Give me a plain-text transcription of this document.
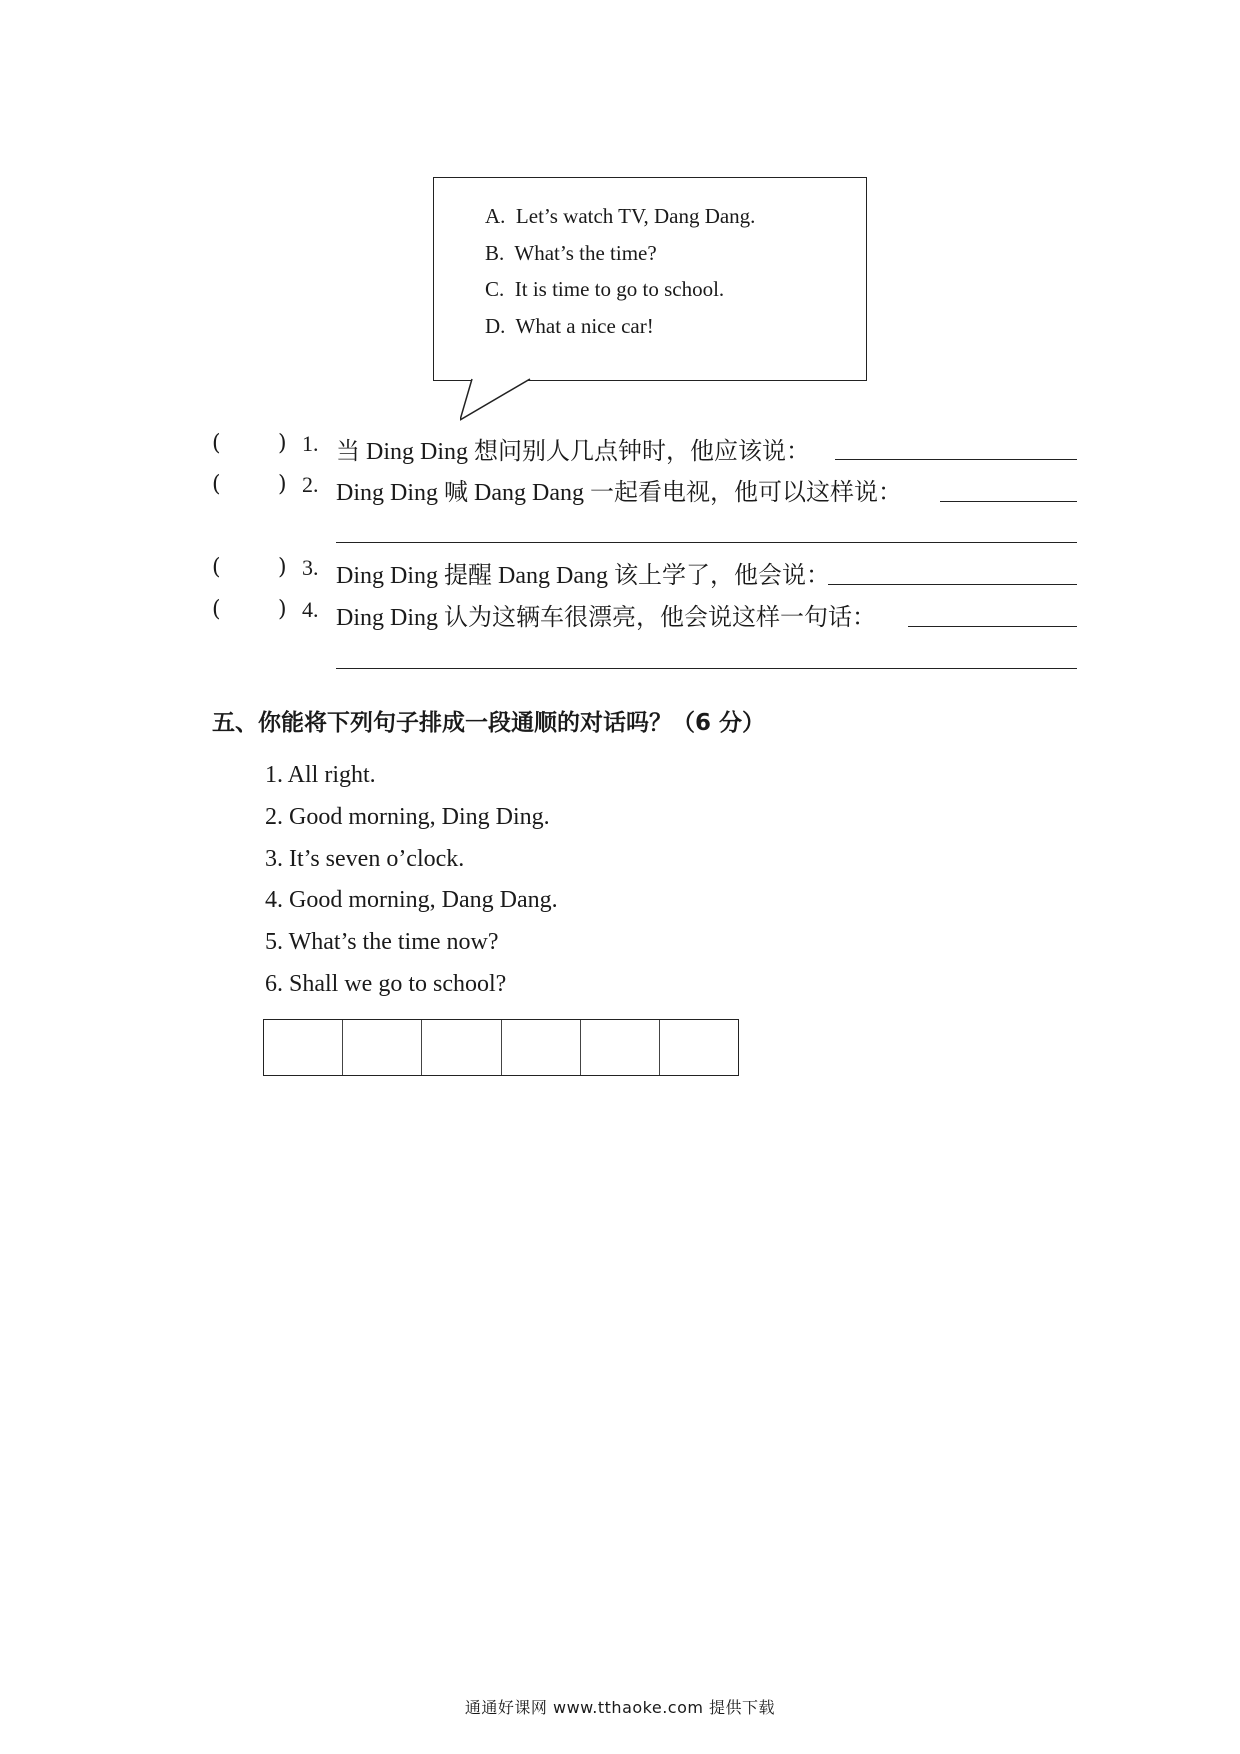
A. Let’s watch TV, Dang Dang.
B. What’s the time?
C. It is time to go to school.
D. What a nice car!
(	) 1. 当 Ding Ding 想问别人几点钟时，他应该说：
(	) 2. Ding Ding 喊 Dang Dang 一起看电视，他可以这样说：
(	) 3. Ding Ding 提醒 Dang Dang 该上学了，他会说：
(	) 4. Ding Ding 认为这辆车很漂亮，他会说这样一句话：
五、你能将下列句子排成一段通顺的对话吗？（6 分）
1. All right.
2. Good morning, Ding Ding.
3. It’s seven o’clock.
4. Good morning, Dang Dang.
5. What’s the time now?
6. Shall we go to school?
通通好课网 www.tthaoke.com 提供下载
